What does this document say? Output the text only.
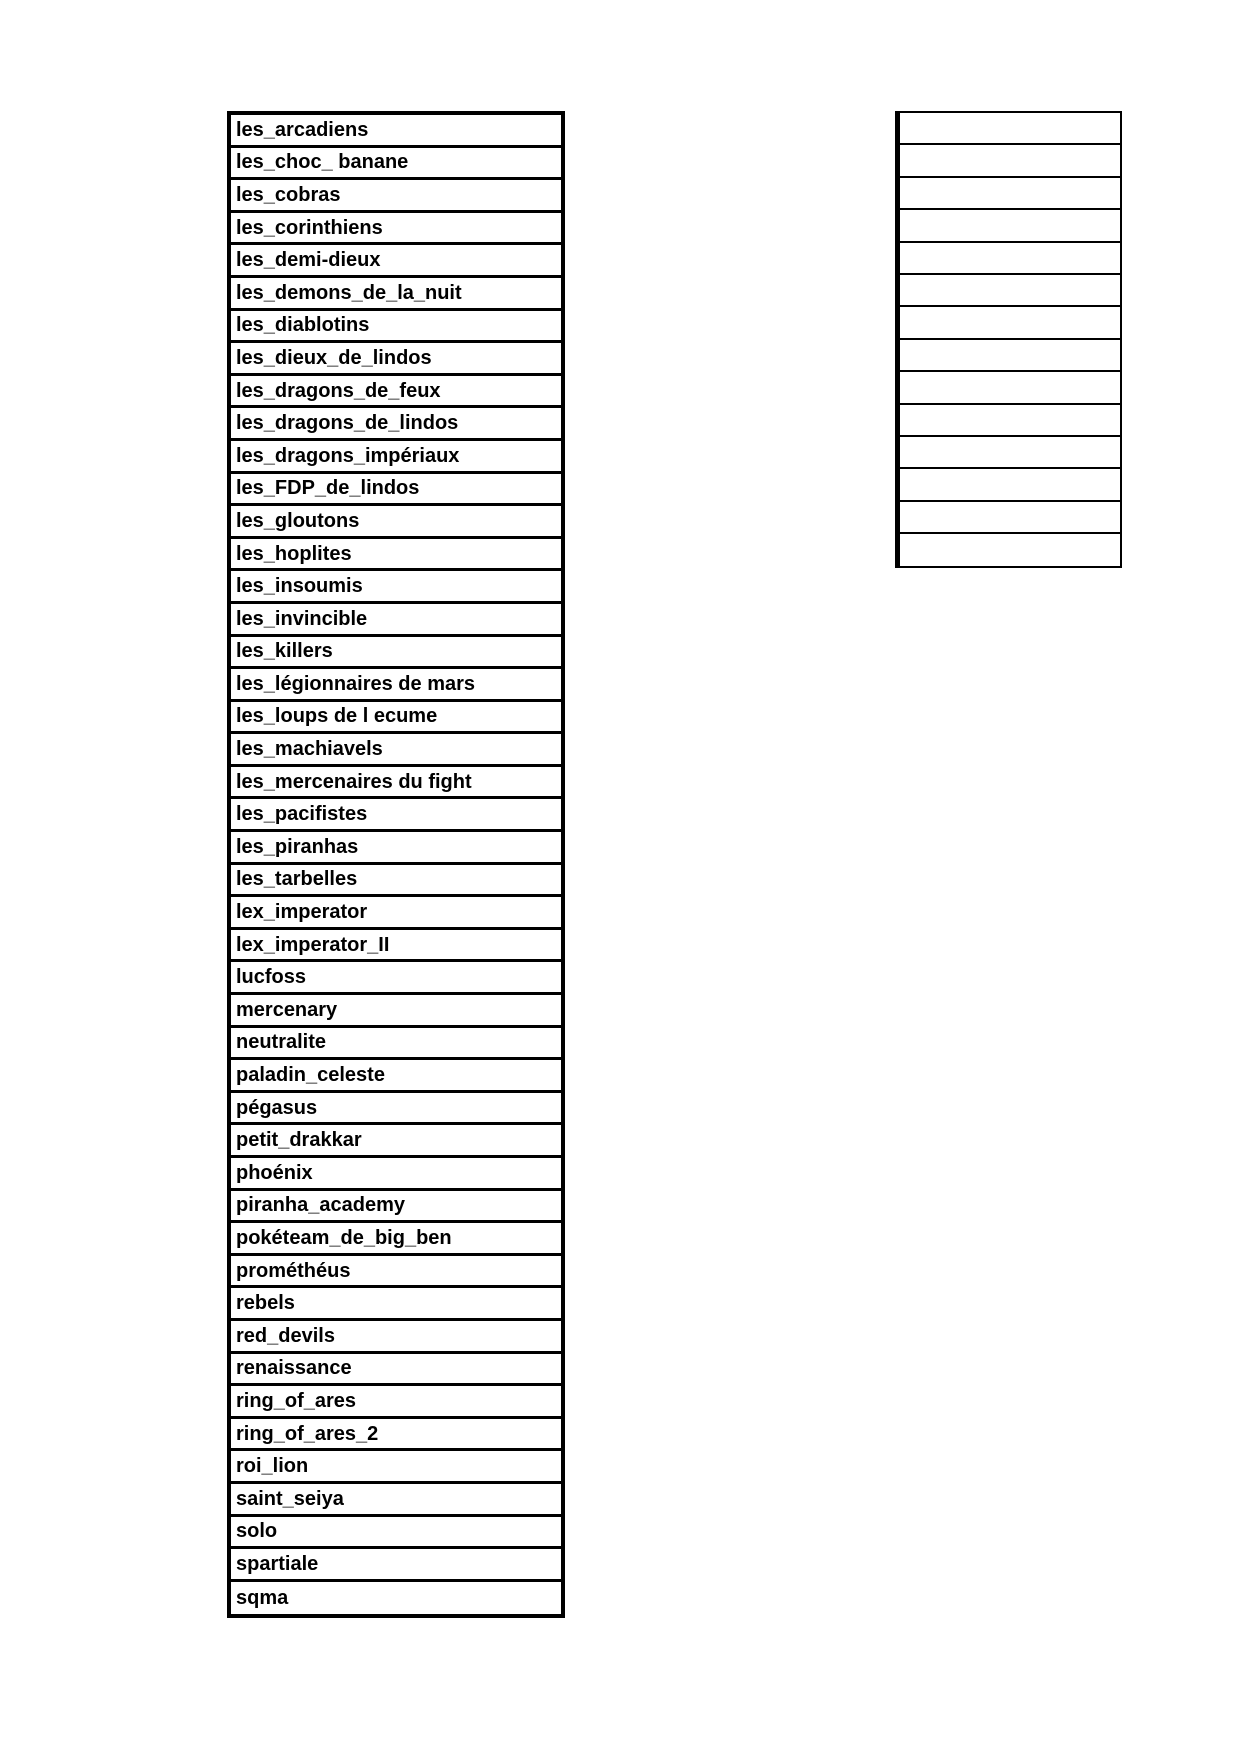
les_arcadiens
les_choc_ banane
les_cobras
les_corinthiens
les_demi-dieux
les_demons_de_la_nuit
les_diablotins
les_dieux_de_lindos
les_dragons_de_feux
les_dragons_de_lindos
les_dragons_impériaux
les_FDP_de_lindos
les_gloutons
les_hoplites
les_insoumis
les_invincible
les_killers
les_légionnaires de mars
les_loups de l ecume
les_machiavels
les_mercenaires du fight
les_pacifistes
les_piranhas
les_tarbelles
lex_imperator
lex_imperator_II
lucfoss
mercenary
neutralite
paladin_celeste
pégasus
petit_drakkar
phoénix
piranha_academy
pokéteam_de_big_ben
prométhéus
rebels
red_devils
renaissance
ring_of_ares
ring_of_ares_2
roi_lion
saint_seiya
solo
spartiale
sqma
